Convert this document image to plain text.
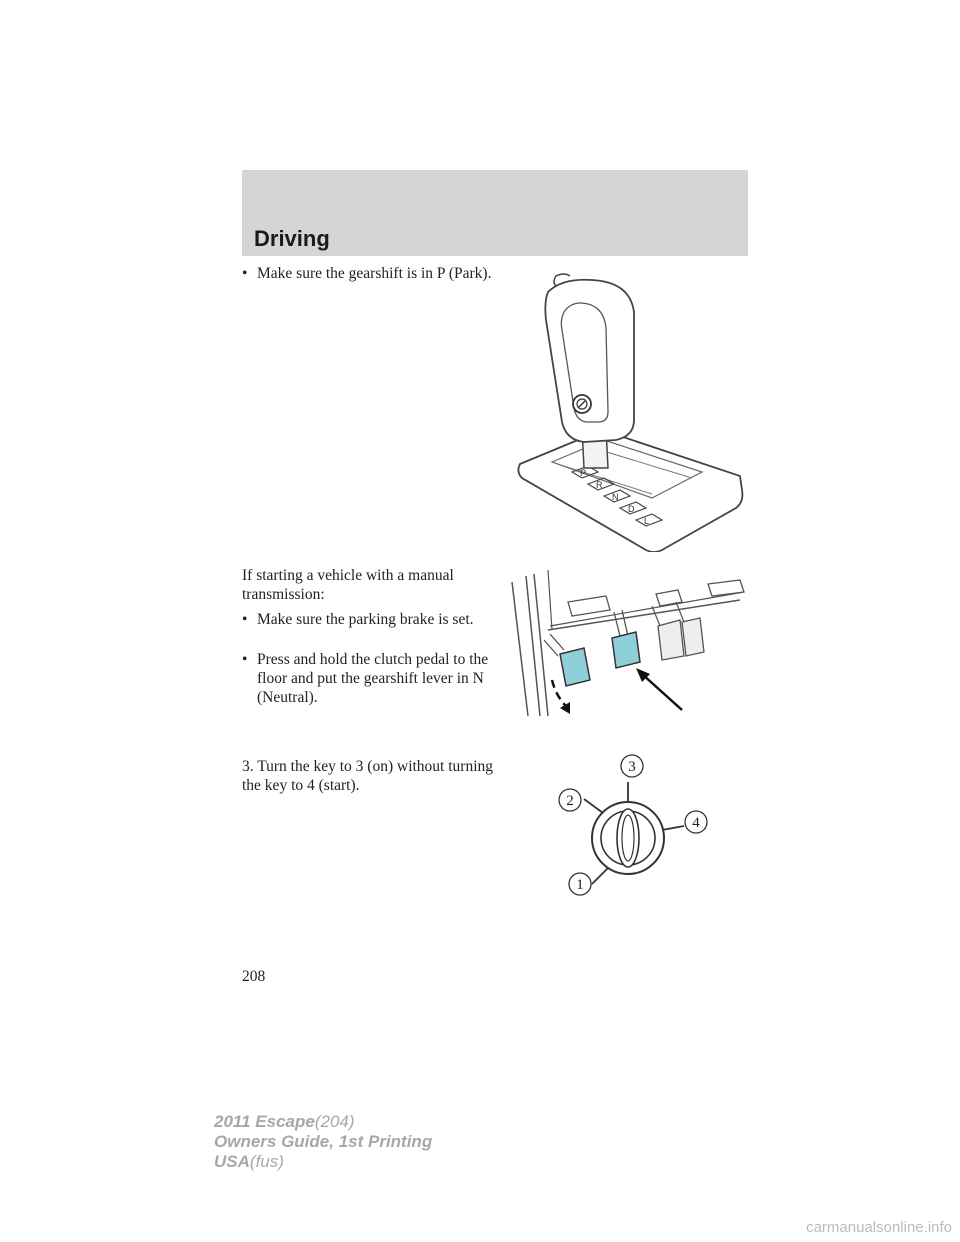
Driving
• Make sure the gearshift is in P (Park).
If starting a vehicle with a manual transmission:
• Make sure the parking brake is set.
• Press and hold the clutch pedal to the floor and put the gearshift lever in N (Neutral).
3. Turn the key to 3 (on) without turning the key to 4 (start).
P
R
N
D
L
3
2
4
1
208
2011 Escape(204)
Owners Guide, 1st Printing
USA(fus)
carmanualsonline.info
